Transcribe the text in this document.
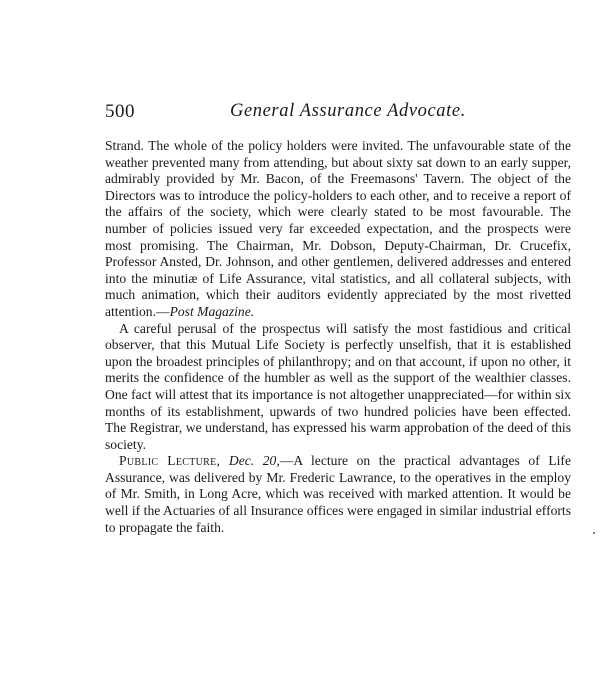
500	General Assurance Advocate.

Strand. The whole of the policy holders were invited. The unfavourable state of the weather prevented many from attending, but about sixty sat down to an early supper, admirably provided by Mr. Bacon, of the Freemasons' Tavern. The object of the Directors was to introduce the policy-holders to each other, and to receive a report of the affairs of the society, which were clearly stated to be most favourable. The number of policies issued very far exceeded expectation, and the prospects were most promising. The Chairman, Mr. Dobson, Deputy-Chairman, Dr. Crucefix, Professor Ansted, Dr. Johnson, and other gentlemen, delivered addresses and entered into the minutiæ of Life Assurance, vital statistics, and all collateral subjects, with much animation, which their auditors evidently appreciated by the most rivetted attention.—Post Magazine.

A careful perusal of the prospectus will satisfy the most fastidious and critical observer, that this Mutual Life Society is perfectly unselfish, that it is established upon the broadest principles of philanthropy; and on that account, if upon no other, it merits the confidence of the humbler as well as the support of the wealthier classes. One fact will attest that its importance is not altogether unappreciated—for within six months of its establishment, upwards of two hundred policies have been effected. The Registrar, we understand, has expressed his warm approbation of the deed of this society.

Public Lecture, Dec. 20,—A lecture on the practical advantages of Life Assurance, was delivered by Mr. Frederic Lawrance, to the operatives in the employ of Mr. Smith, in Long Acre, which was received with marked attention. It would be well if the Actuaries of all Insurance offices were engaged in similar industrial efforts to propagate the faith.
